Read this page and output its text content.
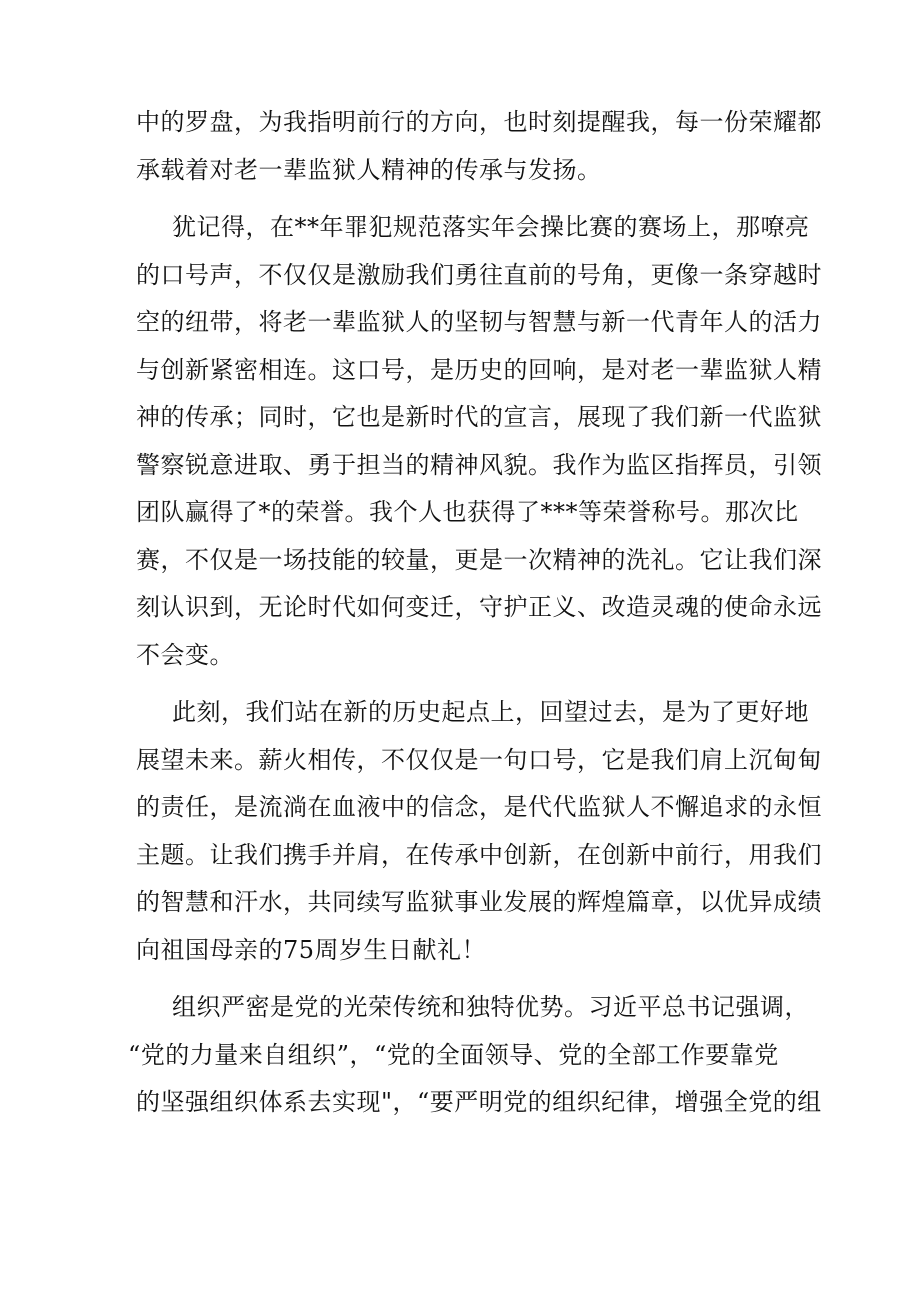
中的罗盘，为我指明前行的方向，也时刻提醒我，每一份荣耀都
承载着对老一辈监狱人精神的传承与发扬。
犹记得，在**年罪犯规范落实年会操比赛的赛场上，那嘹亮
的口号声，不仅仅是激励我们勇往直前的号角，更像一条穿越时
空的纽带，将老一辈监狱人的坚韧与智慧与新一代青年人的活力
与创新紧密相连。这口号，是历史的回响，是对老一辈监狱人精
神的传承；同时，它也是新时代的宣言，展现了我们新一代监狱
警察锐意进取、勇于担当的精神风貌。我作为监区指挥员，引领
团队赢得了*的荣誉。我个人也获得了***等荣誉称号。那次比
赛，不仅是一场技能的较量，更是一次精神的洗礼。它让我们深
刻认识到，无论时代如何变迁，守护正义、改造灵魂的使命永远
不会变。
此刻，我们站在新的历史起点上，回望过去，是为了更好地
展望未来。薪火相传，不仅仅是一句口号，它是我们肩上沉甸甸
的责任，是流淌在血液中的信念，是代代监狱人不懈追求的永恒
主题。让我们携手并肩，在传承中创新，在创新中前行，用我们
的智慧和汗水，共同续写监狱事业发展的辉煌篇章，以优异成绩
向祖国母亲的75周岁生日献礼！
组织严密是党的光荣传统和独特优势。习近平总书记强调，
“党的力量来自组织”，“党的全面领导、党的全部工作要靠党
的坚强组织体系去实现"，“要严明党的组织纪律，增强全党的组
